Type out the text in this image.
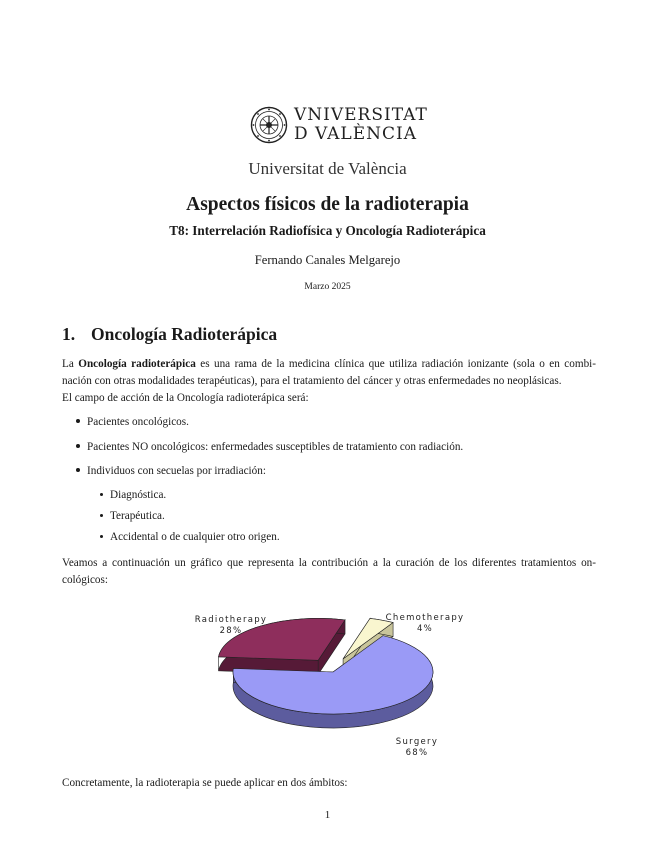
VNIVERSITAT
D VALÈNCIA
Universitat de València
Aspectos físicos de la radioterapia
T8: Interrelación Radiofísica y Oncología Radioterápica
Fernando Canales Melgarejo
Marzo 2025
1. Oncología Radioterápica
La Oncología radioterápica es una rama de la medicina clínica que utiliza radiación ionizante (sola o en combi-
nación con otras modalidades terapéuticas), para el tratamiento del cáncer y otras enfermedades no neoplásicas.
El campo de acción de la Oncología radioterápica será:
Pacientes oncológicos.
Pacientes NO oncológicos: enfermedades susceptibles de tratamiento con radiación.
Individuos con secuelas por irradiación:
Diagnóstica.
Terapéutica.
Accidental o de cualquier otro origen.
Veamos a continuación un gráfico que representa la contribución a la curación de los diferentes tratamientos on-
cológicos:
Surgery
68%
Radiotherapy
28%
Chemotherapy
4%
Concretamente, la radioterapia se puede aplicar en dos ámbitos:
1
